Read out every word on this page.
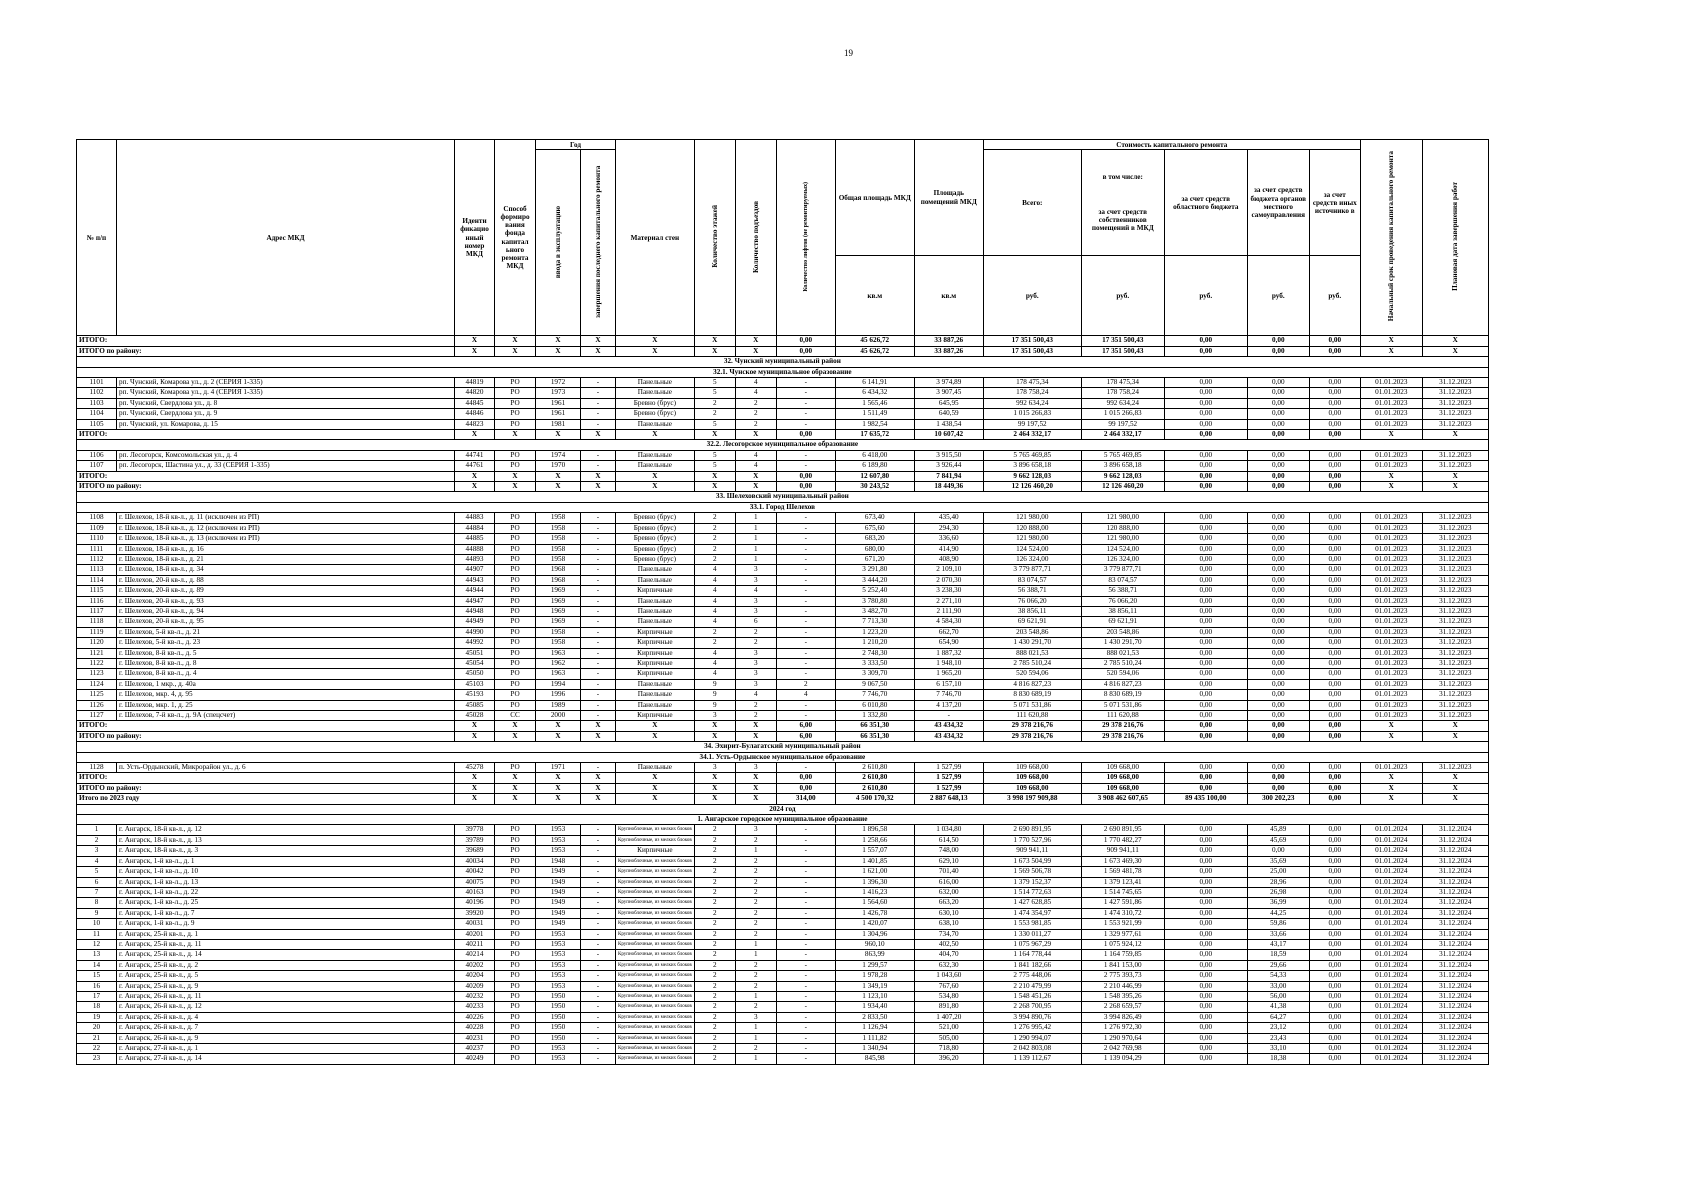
19
№ п/п	Адрес МКД	Иденти фикацио нный номер МКД	Способ формиро вания фонда капитал ьного ремонта МКД	Год		Материал стен	Количество этажей	Количество подъездов	Количество лифтов (не ремонтируемых)	Общая площадь МКД	Площадь помещений МКД	Стоимость капитального ремонта					Начальный срок проведения капитального ремонта	Плановая дата завершения работ
				ввода в эксплуатацию	завершения последнего капитального ремонта							Всего:	в том числе:
за счет средств собственников помещений в МКД	за счет средств областного бюджета	за счет средств бюджета органов местного самоуправления	за счет средств иных источнико в		
										кв.м	кв.м	руб.	руб.	руб.	руб.	руб.		
ИТОГО:		X	X	X	X	X	X	X	0,00	45 626,72	33 887,26	17 351 500,43	17 351 500,43	0,00	0,00	0,00	X	X
ИТОГО по району:		X	X	X	X	X	X	X	0,00	45 626,72	33 887,26	17 351 500,43	17 351 500,43	0,00	0,00	0,00	X	X
32. Чунский муниципальный район																		
32.1. Чунское муниципальное образование																		
1101	рп. Чунский, Комарова ул., д. 2 (СЕРИЯ 1-335)	44819	РО	1972	-	Панельные	5	4	-	6 141,91	3 974,89	178 475,34	178 475,34	0,00	0,00	0,00	01.01.2023	31.12.2023
1102	рп. Чунский, Комарова ул., д. 4 (СЕРИЯ 1-335)	44820	РО	1973	-	Панельные	5	4	-	6 434,32	3 907,45	178 758,24	178 758,24	0,00	0,00	0,00	01.01.2023	31.12.2023
1103	рп. Чунский, Свердлова ул., д. 8	44845	РО	1961	-	Бревно (брус)	2	2	-	1 565,46	645,95	992 634,24	992 634,24	0,00	0,00	0,00	01.01.2023	31.12.2023
1104	рп. Чунский, Свердлова ул., д. 9	44846	РО	1961	-	Бревно (брус)	2	2	-	1 511,49	640,59	1 015 266,83	1 015 266,83	0,00	0,00	0,00	01.01.2023	31.12.2023
1105	рп. Чунский, ул. Комарова, д. 15	44823	РО	1981	-	Панельные	5	2	-	1 982,54	1 438,54	99 197,52	99 197,52	0,00	0,00	0,00	01.01.2023	31.12.2023
ИТОГО:		X	X	X	X	X	X	X	0,00	17 635,72	10 607,42	2 464 332,17	2 464 332,17	0,00	0,00	0,00	X	X
32.2. Лесогорское муниципальное образование																		
1106	рп. Лесогорск, Комсомольская ул., д. 4	44741	РО	1974	-	Панельные	5	4	-	6 418,00	3 915,50	5 765 469,85	5 765 469,85	0,00	0,00	0,00	01.01.2023	31.12.2023
1107	рп. Лесогорск, Шастина ул., д. 33 (СЕРИЯ 1-335)	44761	РО	1970	-	Панельные	5	4	-	6 189,80	3 926,44	3 896 658,18	3 896 658,18	0,00	0,00	0,00	01.01.2023	31.12.2023
ИТОГО:		X	X	X	X	X	X	X	0,00	12 607,80	7 841,94	9 662 128,03	9 662 128,03	0,00	0,00	0,00	X	X
ИТОГО по району:		X	X	X	X	X	X	X	0,00	30 243,52	18 449,36	12 126 460,20	12 126 460,20	0,00	0,00	0,00	X	X
33. Шелеховский муниципальный район																		
33.1. Город Шелехов																		
1108	г. Шелехов, 18-й кв-л., д. 11 (исключен из РП)	44883	РО	1958	-	Бревно (брус)	2	1	-	673,40	435,40	121 980,00	121 980,00	0,00	0,00	0,00	01.01.2023	31.12.2023
1109	г. Шелехов, 18-й кв-л., д. 12 (исключен из РП)	44884	РО	1958	-	Бревно (брус)	2	1	-	675,60	294,30	120 888,00	120 888,00	0,00	0,00	0,00	01.01.2023	31.12.2023
1110	г. Шелехов, 18-й кв-л., д. 13 (исключен из РП)	44885	РО	1958	-	Бревно (брус)	2	1	-	683,20	336,60	121 980,00	121 980,00	0,00	0,00	0,00	01.01.2023	31.12.2023
1111	г. Шелехов, 18-й кв-л., д. 16	44888	РО	1958	-	Бревно (брус)	2	1	-	680,00	414,90	124 524,00	124 524,00	0,00	0,00	0,00	01.01.2023	31.12.2023
1112	г. Шелехов, 18-й кв-л., д. 21	44893	РО	1958	-	Бревно (брус)	2	1	-	671,20	408,90	126 324,00	126 324,00	0,00	0,00	0,00	01.01.2023	31.12.2023
1113	г. Шелехов, 18-й кв-л., д. 34	44907	РО	1968	-	Панельные	4	3	-	3 291,80	2 109,10	3 779 877,71	3 779 877,71	0,00	0,00	0,00	01.01.2023	31.12.2023
1114	г. Шелехов, 20-й кв-л., д. 88	44943	РО	1968	-	Панельные	4	3	-	3 444,20	2 070,30	83 074,57	83 074,57	0,00	0,00	0,00	01.01.2023	31.12.2023
1115	г. Шелехов, 20-й кв-л., д. 89	44944	РО	1969	-	Кирпичные	4	4	-	5 252,40	3 238,30	56 388,71	56 388,71	0,00	0,00	0,00	01.01.2023	31.12.2023
1116	г. Шелехов, 20-й кв-л., д. 93	44947	РО	1969	-	Панельные	4	3	-	3 780,80	2 271,10	76 066,20	76 066,20	0,00	0,00	0,00	01.01.2023	31.12.2023
1117	г. Шелехов, 20-й кв-л., д. 94	44948	РО	1969	-	Панельные	4	3	-	3 482,70	2 111,90	38 856,11	38 856,11	0,00	0,00	0,00	01.01.2023	31.12.2023
1118	г. Шелехов, 20-й кв-л., д. 95	44949	РО	1969	-	Панельные	4	6	-	7 713,30	4 584,30	69 621,91	69 621,91	0,00	0,00	0,00	01.01.2023	31.12.2023
1119	г. Шелехов, 5-й кв-л., д. 21	44990	РО	1958	-	Кирпичные	2	2	-	1 223,20	662,70	203 548,86	203 548,86	0,00	0,00	0,00	01.01.2023	31.12.2023
1120	г. Шелехов, 5-й кв-л., д. 23	44992	РО	1958	-	Кирпичные	2	2	-	1 210,20	654,90	1 430 291,70	1 430 291,70	0,00	0,00	0,00	01.01.2023	31.12.2023
1121	г. Шелехов, 8-й кв-л., д. 5	45051	РО	1963	-	Кирпичные	4	3	-	2 748,30	1 887,32	888 021,53	888 021,53	0,00	0,00	0,00	01.01.2023	31.12.2023
1122	г. Шелехов, 8-й кв-л., д. 8	45054	РО	1962	-	Кирпичные	4	3	-	3 333,50	1 948,10	2 785 510,24	2 785 510,24	0,00	0,00	0,00	01.01.2023	31.12.2023
1123	г. Шелехов, 8-й кв-л., д. 4	45050	РО	1963	-	Кирпичные	4	3	-	3 309,70	1 965,20	520 594,06	520 594,06	0,00	0,00	0,00	01.01.2023	31.12.2023
1124	г. Шелехов, 1 мкр., д. 40а	45103	РО	1994	-	Панельные	9	3	2	9 067,50	6 157,10	4 816 827,23	4 816 827,23	0,00	0,00	0,00	01.01.2023	31.12.2023
1125	г. Шелехов, мкр. 4, д. 95	45193	РО	1996	-	Панельные	9	4	4	7 746,70	7 746,70	8 830 689,19	8 830 689,19	0,00	0,00	0,00	01.01.2023	31.12.2023
1126	г. Шелехов, мкр. 1, д. 25	45085	РО	1989	-	Панельные	9	2	-	6 010,80	4 137,20	5 071 531,86	5 071 531,86	0,00	0,00	0,00	01.01.2023	31.12.2023
1127	г. Шелехов, 7-й кв-л., д. 9А (спецсчет)	45028	СС	2000	-	Кирпичные	3	2	-	1 332,80	-	111 620,88	111 620,88	0,00	0,00	0,00	01.01.2023	31.12.2023
ИТОГО:		X	X	X	X	X	X	X	6,00	66 351,30	43 434,32	29 378 216,76	29 378 216,76	0,00	0,00	0,00	X	X
ИТОГО по району:		X	X	X	X	X	X	X	6,00	66 351,30	43 434,32	29 378 216,76	29 378 216,76	0,00	0,00	0,00	X	X
34. Эхирит-Булагатский муниципальный район																		
34.1. Усть-Ордынское муниципальное образование																		
1128	п. Усть-Ордынский, Микрорайон ул., д. 6	45278	РО	1971	-	Панельные	3	3	-	2 610,80	1 527,99	109 668,00	109 668,00	0,00	0,00	0,00	01.01.2023	31.12.2023
ИТОГО:		X	X	X	X	X	X	X	0,00	2 610,80	1 527,99	109 668,00	109 668,00	0,00	0,00	0,00	X	X
ИТОГО по району:		X	X	X	X	X	X	X	0,00	2 610,80	1 527,99	109 668,00	109 668,00	0,00	0,00	0,00	X	X
Итого по 2023 году		X	X	X	X	X	X	X	314,00	4 500 170,32	2 887 648,13	3 998 197 909,88	3 908 462 607,65	89 435 100,00	300 202,23	0,00	X	X
2024 год																		
1. Ангарское городское муниципальное образование																		
1	г. Ангарск, 18-й кв-л., д. 12	39778	РО	1953	-	Крупноблочные, из мелких блоков	2	3	-	1 896,58	1 034,80	2 690 891,95	2 690 891,95	0,00	45,89	0,00	01.01.2024	31.12.2024
2	г. Ангарск, 18-й кв-л., д. 13	39789	РО	1953	-	Крупноблочные, из мелких блоков	2	2	-	1 258,66	614,50	1 770 527,96	1 770 482,27	0,00	45,69	0,00	01.01.2024	31.12.2024
3	г. Ангарск, 18-й кв-л., д. 3	39689	РО	1953	-	Кирпичные	2	1	-	1 557,07	748,00	909 941,11	909 941,11	0,00	0,00	0,00	01.01.2024	31.12.2024
4	г. Ангарск, 1-й кв-л., д. 1	40034	РО	1948	-	Крупноблочные, из мелких блоков	2	2	-	1 401,85	629,10	1 673 504,99	1 673 469,30	0,00	35,69	0,00	01.01.2024	31.12.2024
5	г. Ангарск, 1-й кв-л., д. 10	40042	РО	1949	-	Крупноблочные, из мелких блоков	2	2	-	1 621,00	701,40	1 569 506,78	1 569 481,78	0,00	25,00	0,00	01.01.2024	31.12.2024
6	г. Ангарск, 1-й кв-л., д. 13	40075	РО	1949	-	Крупноблочные, из мелких блоков	2	2	-	1 396,30	616,00	1 379 152,37	1 379 123,41	0,00	28,96	0,00	01.01.2024	31.12.2024
7	г. Ангарск, 1-й кв-л., д. 22	40163	РО	1949	-	Крупноблочные, из мелких блоков	2	2	-	1 416,23	632,00	1 514 772,63	1 514 745,65	0,00	26,98	0,00	01.01.2024	31.12.2024
8	г. Ангарск, 1-й кв-л., д. 25	40196	РО	1949	-	Крупноблочные, из мелких блоков	2	2	-	1 564,60	663,20	1 427 628,85	1 427 591,86	0,00	36,99	0,00	01.01.2024	31.12.2024
9	г. Ангарск, 1-й кв-л., д. 7	39920	РО	1949	-	Крупноблочные, из мелких блоков	2	2	-	1 426,78	630,10	1 474 354,97	1 474 310,72	0,00	44,25	0,00	01.01.2024	31.12.2024
10	г. Ангарск, 1-й кв-л., д. 9	40031	РО	1949	-	Крупноблочные, из мелких блоков	2	2	-	1 420,07	638,10	1 553 981,85	1 553 921,99	0,00	59,86	0,00	01.01.2024	31.12.2024
11	г. Ангарск, 25-й кв-л., д. 1	40201	РО	1953	-	Крупноблочные, из мелких блоков	2	2	-	1 304,96	734,70	1 330 011,27	1 329 977,61	0,00	33,66	0,00	01.01.2024	31.12.2024
12	г. Ангарск, 25-й кв-л., д. 11	40211	РО	1953	-	Крупноблочные, из мелких блоков	2	1	-	960,10	402,50	1 075 967,29	1 075 924,12	0,00	43,17	0,00	01.01.2024	31.12.2024
13	г. Ангарск, 25-й кв-л., д. 14	40214	РО	1953	-	Крупноблочные, из мелких блоков	2	1	-	863,99	404,70	1 164 778,44	1 164 759,85	0,00	18,59	0,00	01.01.2024	31.12.2024
14	г. Ангарск, 25-й кв-л., д. 2	40202	РО	1953	-	Крупноблочные, из мелких блоков	2	2	-	1 299,57	632,30	1 841 182,66	1 841 153,00	0,00	29,66	0,00	01.01.2024	31.12.2024
15	г. Ангарск, 25-й кв-л., д. 5	40204	РО	1953	-	Крупноблочные, из мелких блоков	2	2	-	1 978,28	1 043,60	2 775 448,06	2 775 393,73	0,00	54,33	0,00	01.01.2024	31.12.2024
16	г. Ангарск, 25-й кв-л., д. 9	40209	РО	1953	-	Крупноблочные, из мелких блоков	2	2	-	1 349,19	767,60	2 210 479,99	2 210 446,99	0,00	33,00	0,00	01.01.2024	31.12.2024
17	г. Ангарск, 26-й кв-л., д. 11	40232	РО	1950	-	Крупноблочные, из мелких блоков	2	1	-	1 123,10	534,80	1 548 451,26	1 548 395,26	0,00	56,00	0,00	01.01.2024	31.12.2024
18	г. Ангарск, 26-й кв-л., д. 12	40233	РО	1950	-	Крупноблочные, из мелких блоков	2	2	-	1 934,40	891,80	2 268 700,95	2 268 659,57	0,00	41,38	0,00	01.01.2024	31.12.2024
19	г. Ангарск, 26-й кв-л., д. 4	40226	РО	1950	-	Крупноблочные, из мелких блоков	2	3	-	2 833,50	1 407,20	3 994 890,76	3 994 826,49	0,00	64,27	0,00	01.01.2024	31.12.2024
20	г. Ангарск, 26-й кв-л., д. 7	40228	РО	1950	-	Крупноблочные, из мелких блоков	2	1	-	1 126,94	521,00	1 276 995,42	1 276 972,30	0,00	23,12	0,00	01.01.2024	31.12.2024
21	г. Ангарск, 26-й кв-л., д. 9	40231	РО	1950	-	Крупноблочные, из мелких блоков	2	1	-	1 111,82	505,00	1 290 994,07	1 290 970,64	0,00	23,43	0,00	01.01.2024	31.12.2024
22	г. Ангарск, 27-й кв-л., д. 1	40237	РО	1953	-	Крупноблочные, из мелких блоков	2	2	-	1 340,94	718,80	2 042 803,08	2 042 769,98	0,00	33,10	0,00	01.01.2024	31.12.2024
23	г. Ангарск, 27-й кв-л., д. 14	40249	РО	1953	-	Крупноблочные, из мелких блоков	2	1	-	845,98	396,20	1 139 112,67	1 139 094,29	0,00	18,38	0,00	01.01.2024	31.12.2024
